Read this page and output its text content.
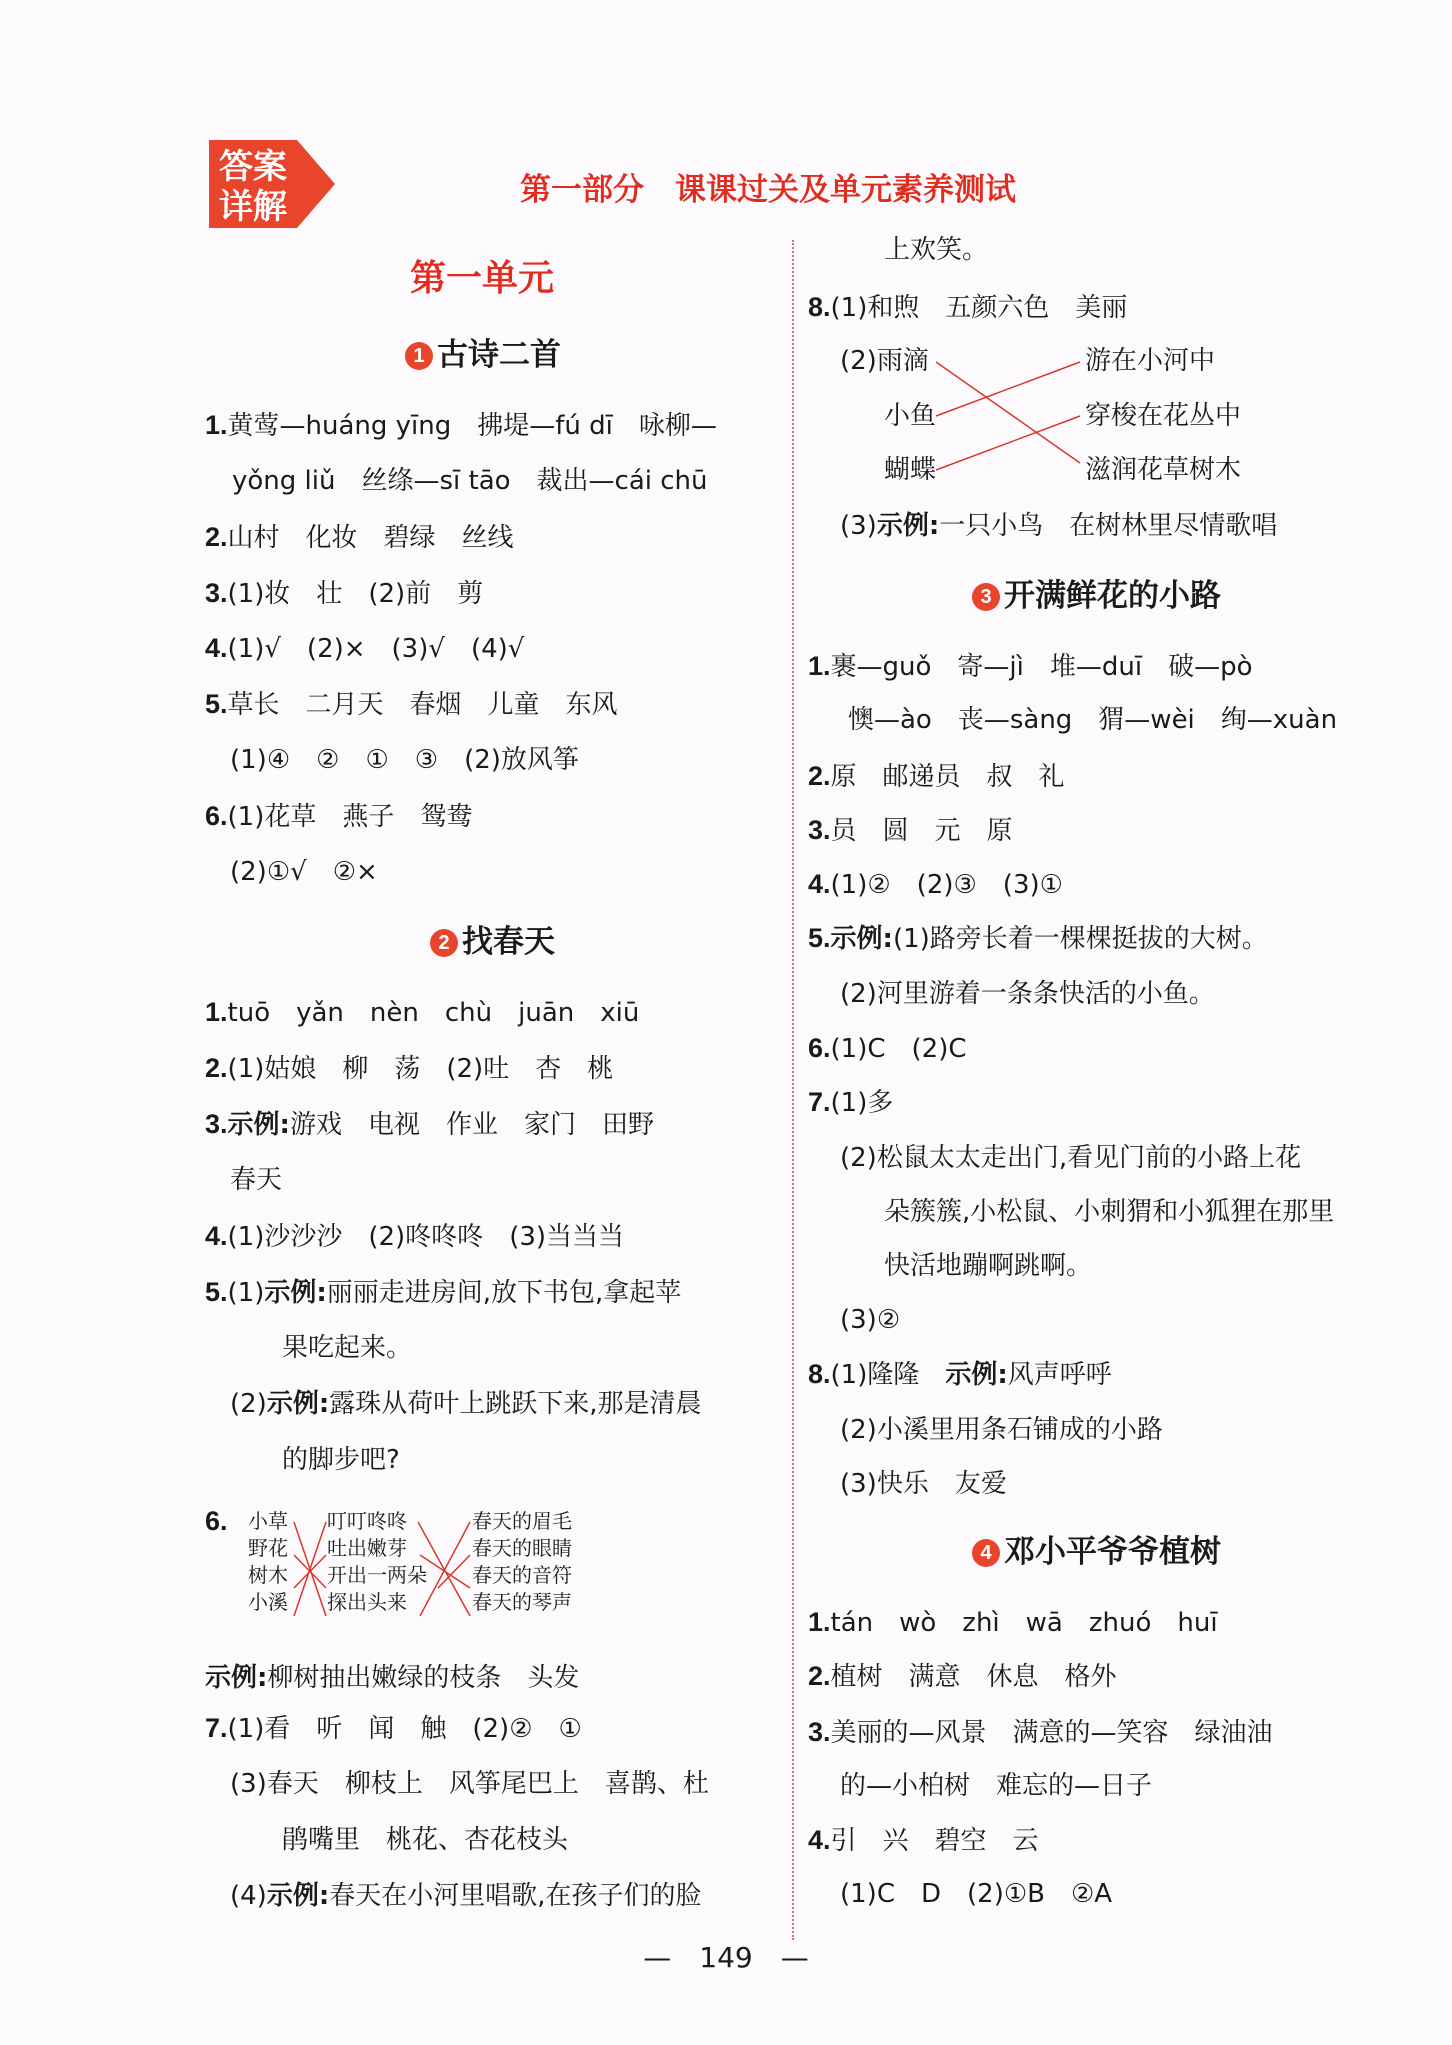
答案
详解	第一部分　课课过关及单元素养测试
第一单元
1 古诗二首
1.黄莺—huáng yīng　拂堤—fú dī　咏柳—
yǒng liǔ　丝绦—sī tāo　裁出—cái chū
2.山村　化妆　碧绿　丝线
3.(1)妆　壮　(2)前　剪
4.(1)√　(2)×　(3)√　(4)√
5.草长　二月天　春烟　儿童　东风
(1)④　②　①　③　(2)放风筝
6.(1)花草　燕子　鸳鸯
(2)①√　②×
2 找春天
1.tuō　yǎn　nèn　chù　juān　xiū
2.(1)姑娘　柳　荡　(2)吐　杏　桃
3.示例:游戏　电视　作业　家门　田野
春天
4.(1)沙沙沙　(2)咚咚咚　(3)当当当
5.(1)示例:丽丽走进房间,放下书包,拿起苹
果吃起来。
(2)示例:露珠从荷叶上跳跃下来,那是清晨
的脚步吧?
6. 小草
野花
树木
小溪
叮叮咚咚
吐出嫩芽
开出一两朵
探出头来
春天的眉毛
春天的眼睛
春天的音符
春天的琴声
示例:柳树抽出嫩绿的枝条　头发
7.(1)看　听　闻　触　(2)②　①
(3)春天　柳枝上　风筝尾巴上　喜鹊、杜
鹃嘴里　桃花、杏花枝头
(4)示例:春天在小河里唱歌,在孩子们的脸
上欢笑。
8.(1)和煦　五颜六色　美丽
(2)雨滴
小鱼
蝴蝶
游在小河中
穿梭在花丛中
滋润花草树木
(3)示例:一只小鸟　在树林里尽情歌唱
3 开满鲜花的小路
1.裹—guǒ　寄—jì　堆—duī　破—pò
懊—ào　丧—sàng　猬—wèi　绚—xuàn
2.原　邮递员　叔　礼
3.员　圆　元　原
4.(1)②　(2)③　(3)①
5.示例:(1)路旁长着一棵棵挺拔的大树。
(2)河里游着一条条快活的小鱼。
6.(1)C　(2)C
7.(1)多
(2)松鼠太太走出门,看见门前的小路上花
朵簇簇,小松鼠、小刺猬和小狐狸在那里
快活地蹦啊跳啊。
(3)②
8.(1)隆隆　示例:风声呼呼
(2)小溪里用条石铺成的小路
(3)快乐　友爱
4 邓小平爷爷植树
1.tán　wò　zhì　wā　zhuó　huī
2.植树　满意　休息　格外
3.美丽的—风景　满意的—笑容　绿油油
的—小柏树　难忘的—日子
4.引　兴　碧空　云
(1)C　D　(2)①B　②A
—　149　—
